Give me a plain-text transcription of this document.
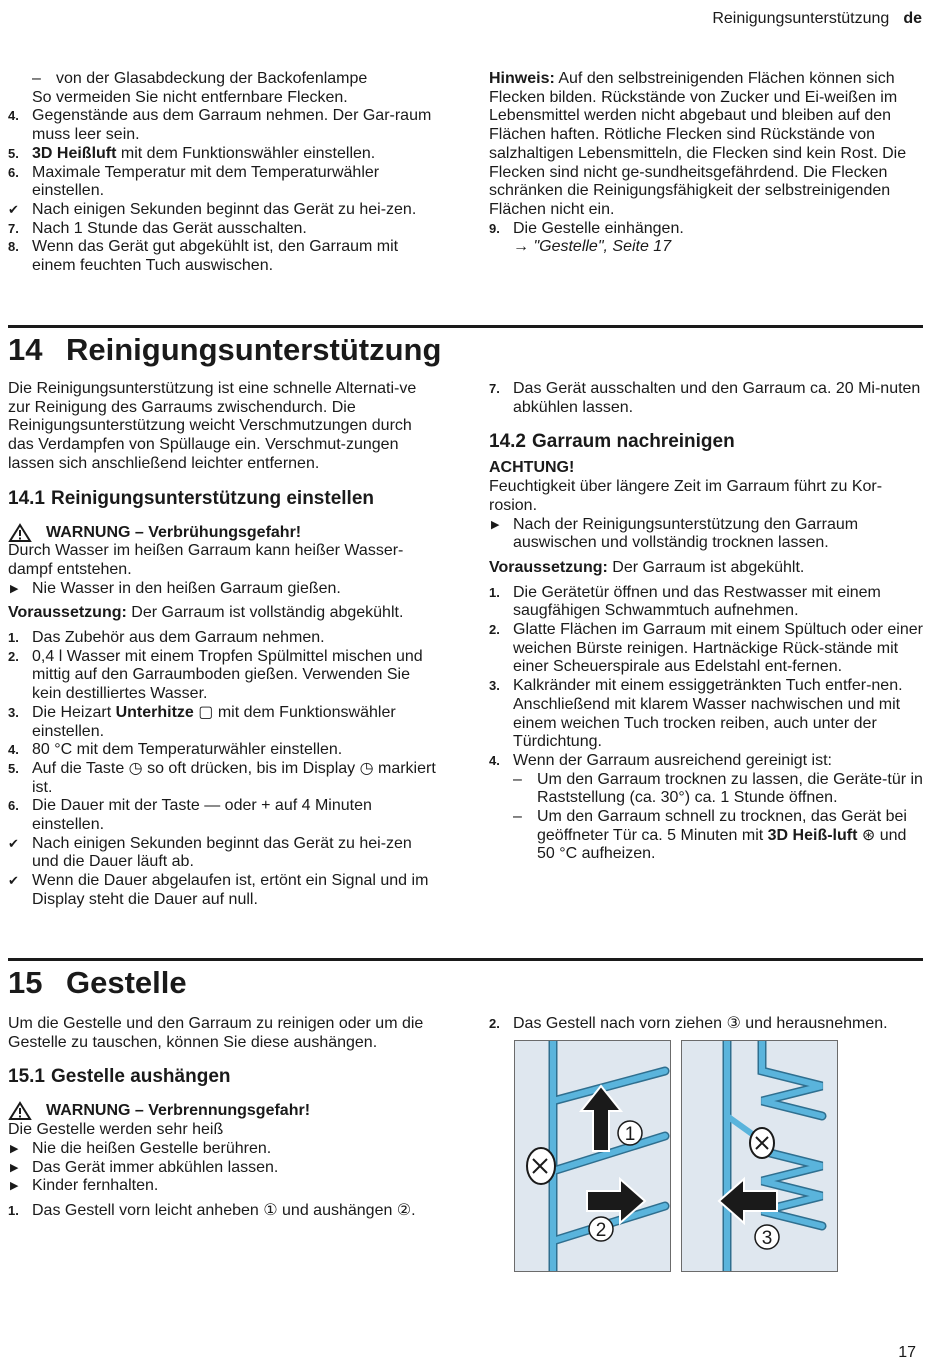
Reinigungsunterstützung de
– von der Glasabdeckung der Backofenlampe
So vermeiden Sie nicht entfernbare Flecken.
4. Gegenstände aus dem Garraum nehmen. Der Gar-raum muss leer sein.
5. 3D Heißluft mit dem Funktionswähler einstellen.
6. Maximale Temperatur mit dem Temperaturwähler einstellen.
✔ Nach einigen Sekunden beginnt das Gerät zu hei-zen.
7. Nach 1 Stunde das Gerät ausschalten.
8. Wenn das Gerät gut abgekühlt ist, den Garraum mit einem feuchten Tuch auswischen.

Hinweis: Auf den selbstreinigenden Flächen können sich Flecken bilden. Rückstände von Zucker und Ei-weißen im Lebensmittel werden nicht abgebaut und bleiben auf den Flächen haften. Rötliche Flecken sind Rückstände von salzhaltigen Lebensmitteln, die Flecken sind kein Rost. Die Flecken sind nicht ge-sundheitsgefährdend. Die Flecken schränken die Reinigungsfähigkeit der selbstreinigenden Flächen nicht ein.

9. Die Gestelle einhängen.
→ "Gestelle", Seite 17
14 Reinigungsunterstützung

Die Reinigungsunterstützung ist eine schnelle Alternati-ve zur Reinigung des Garraums zwischendurch. Die Reinigungsunterstützung weicht Verschmutzungen durch das Verdampfen von Spüllauge ein. Verschmut-zungen lassen sich anschließend leichter entfernen.

14.1 Reinigungsunterstützung einstellen
WARNUNG – Verbrühungsgefahr!

Durch Wasser im heißen Garraum kann heißer Wasser-dampf entstehen.

▶ Nie Wasser in den heißen Garraum gießen.

Voraussetzung: Der Garraum ist vollständig abgekühlt.

1. Das Zubehör aus dem Garraum nehmen.
2. 0,4 l Wasser mit einem Tropfen Spülmittel mischen und mittig auf den Garraumboden gießen. Verwenden Sie kein destilliertes Wasser.
3. Die Heizart Unterhitze ▢ mit dem Funktionswähler einstellen.
4. 80 °C mit dem Temperaturwähler einstellen.
5. Auf die Taste ◷ so oft drücken, bis im Display ◷ markiert ist.
6. Die Dauer mit der Taste — oder + auf 4 Minuten einstellen.
✔ Nach einigen Sekunden beginnt das Gerät zu hei-zen und die Dauer läuft ab.
✔ Wenn die Dauer abgelaufen ist, ertönt ein Signal und im Display steht die Dauer auf null.
7. Das Gerät ausschalten und den Garraum ca. 20 Mi-nuten abkühlen lassen.
14.2 Garraum nachreinigen
ACHTUNG!

Feuchtigkeit über längere Zeit im Garraum führt zu Kor-rosion.

▶ Nach der Reinigungsunterstützung den Garraum auswischen und vollständig trocknen lassen.

Voraussetzung: Der Garraum ist abgekühlt.

1. Die Gerätetür öffnen und das Restwasser mit einem saugfähigen Schwammtuch aufnehmen.
2. Glatte Flächen im Garraum mit einem Spültuch oder einer weichen Bürste reinigen. Hartnäckige Rück-stände mit einer Scheuerspirale aus Edelstahl ent-fernen.
3. Kalkränder mit einem essiggetränkten Tuch entfer-nen. Anschließend mit klarem Wasser nachwischen und mit einem weichen Tuch trocken reiben, auch unter der Türdichtung.
4. Wenn der Garraum ausreichend gereinigt ist:
– Um den Garraum trocknen zu lassen, die Geräte-tür in Raststellung (ca. 30°) ca. 1 Stunde öffnen.
– Um den Garraum schnell zu trocknen, das Gerät bei geöffneter Tür ca. 5 Minuten mit 3D Heiß-luft ⊛ und 50 °C aufheizen.
15 Gestelle

Um die Gestelle und den Garraum zu reinigen oder um die Gestelle zu tauschen, können Sie diese aushängen.

15.1 Gestelle aushängen
WARNUNG – Verbrennungsgefahr!

Die Gestelle werden sehr heiß

▶ Nie die heißen Gestelle berühren.
▶ Das Gerät immer abkühlen lassen.
▶ Kinder fernhalten.
1. Das Gestell vorn leicht anheben ① und aushängen ②.
2. Das Gestell nach vorn ziehen ③ und herausnehmen.
1
2	3
17
